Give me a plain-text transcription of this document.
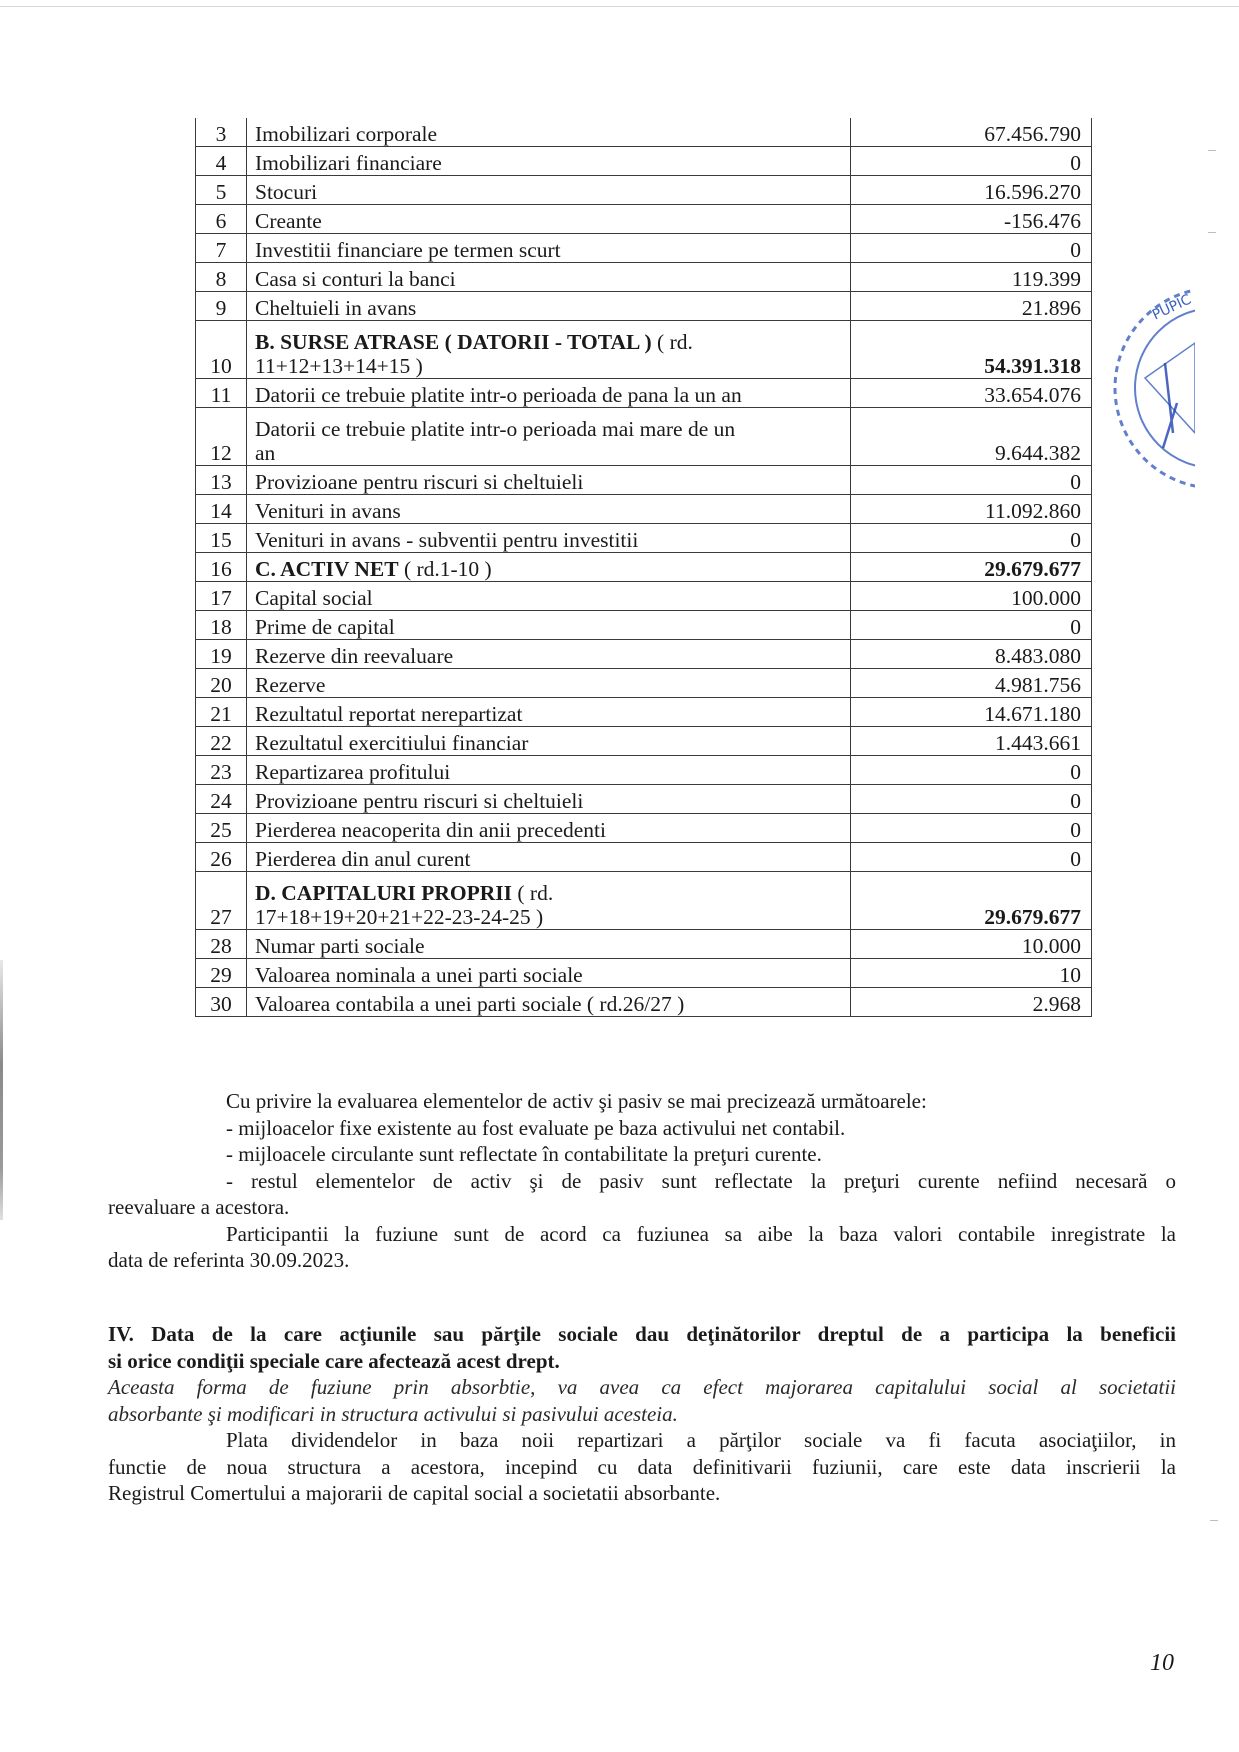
3	Imobilizari corporale	67.456.790
4	Imobilizari financiare	0
5	Stocuri	16.596.270
6	Creante	-156.476
7	Investitii financiare pe termen scurt	0
8	Casa si conturi la banci	119.399
9	Cheltuieli in avans	21.896
10	B. SURSE ATRASE ( DATORII - TOTAL ) ( rd.
11+12+13+14+15 )	54.391.318
11	Datorii ce trebuie platite intr-o perioada de pana la un an	33.654.076
12	Datorii ce trebuie platite intr-o perioada mai mare de un
an	9.644.382
13	Provizioane pentru riscuri si cheltuieli	0
14	Venituri in avans	11.092.860
15	Venituri in avans - subventii pentru investitii	0
16	C. ACTIV NET ( rd.1-10 )	29.679.677
17	Capital social	100.000
18	Prime de capital	0
19	Rezerve din reevaluare	8.483.080
20	Rezerve	4.981.756
21	Rezultatul reportat nerepartizat	14.671.180
22	Rezultatul exercitiului financiar	1.443.661
23	Repartizarea profitului	0
24	Provizioane pentru riscuri si cheltuieli	0
25	Pierderea neacoperita din anii precedenti	0
26	Pierderea din anul curent	0
27	D. CAPITALURI PROPRII ( rd.
17+18+19+20+21+22-23-24-25 )	29.679.677
28	Numar parti sociale	10.000
29	Valoarea nominala a unei parti sociale	10
30	Valoarea contabila a unei parti sociale ( rd.26/27 )	2.968
PUPIC
Cu privire la evaluarea elementelor de activ şi pasiv se mai precizează următoarele:
- mijloacelor fixe existente au fost evaluate pe baza activului net contabil.
- mijloacele circulante sunt reflectate în contabilitate la preţuri curente.
- restul elementelor de activ şi de pasiv sunt reflectate la preţuri curente nefiind necesară o
reevaluare a acestora.
Participantii la fuziune sunt de acord ca fuziunea sa aibe la baza valori contabile inregistrate la
data de referinta 30.09.2023.
IV. Data de la care acţiunile sau părţile sociale dau deţinătorilor dreptul de a participa la beneficii
si orice condiţii speciale care afectează acest drept.
Aceasta forma de fuziune prin absorbtie, va avea ca efect majorarea capitalului social al societatii
absorbante şi modificari in structura activului si pasivului acesteia.
Plata dividendelor in baza noii repartizari a părţilor sociale va fi facuta asociaţiilor, in
functie de noua structura a acestora, incepind cu data definitivarii fuziunii, care este data inscrierii la
Registrul Comertului a majorarii de capital social a societatii absorbante.
10
